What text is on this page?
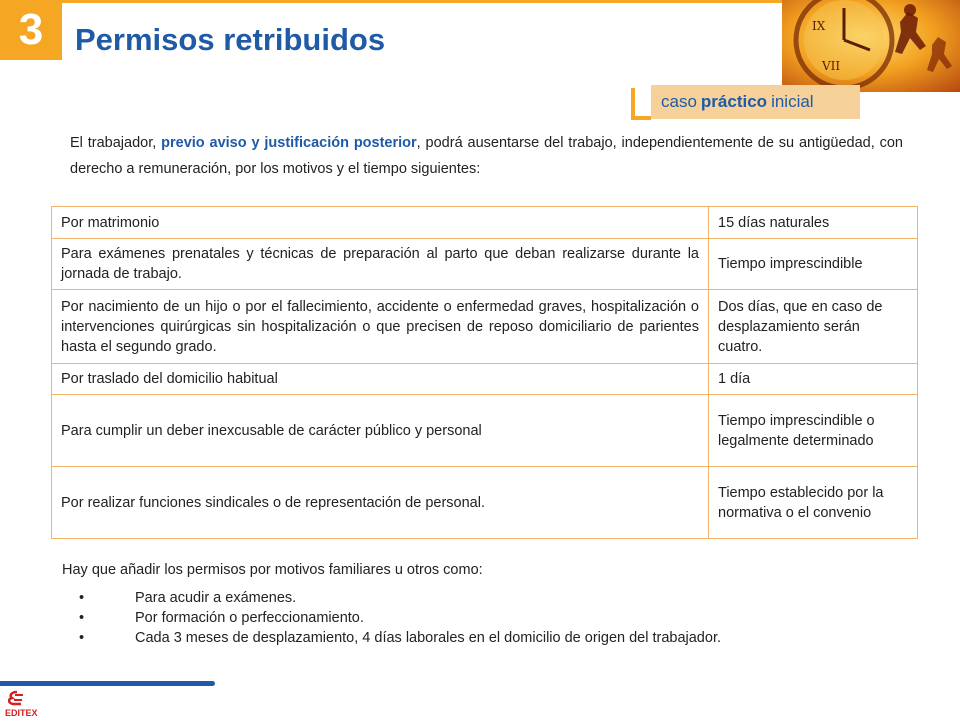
3 Permisos retribuidos	IX
VII
caso práctico inicial
El trabajador, previo aviso y justificación posterior, podrá ausentarse del trabajo, independientemente de su antigüedad, con derecho a remuneración, por los motivos y el tiempo siguientes:
Por matrimonio	15 días naturales
Para exámenes prenatales y técnicas de preparación al parto que deban realizarse durante la jornada de trabajo.	Tiempo imprescindible
Por nacimiento de un hijo o por el fallecimiento, accidente o enfermedad graves, hospitalización o intervenciones quirúrgicas sin hospitalización o que precisen de reposo domiciliario de parientes hasta el segundo grado.	Dos días, que en caso de desplazamiento serán cuatro.
Por traslado del domicilio habitual	1 día
Para cumplir un deber inexcusable de carácter público y personal	Tiempo imprescindible o legalmente determinado
Por realizar funciones sindicales o de representación de personal.	Tiempo establecido por la normativa o el convenio
Hay que añadir los permisos por motivos familiares u otros como:
• Para acudir a exámenes.
• Por formación o perfeccionamiento.
• Cada 3 meses de desplazamiento, 4 días laborales en el domicilio de origen del trabajador.
EDITEX
